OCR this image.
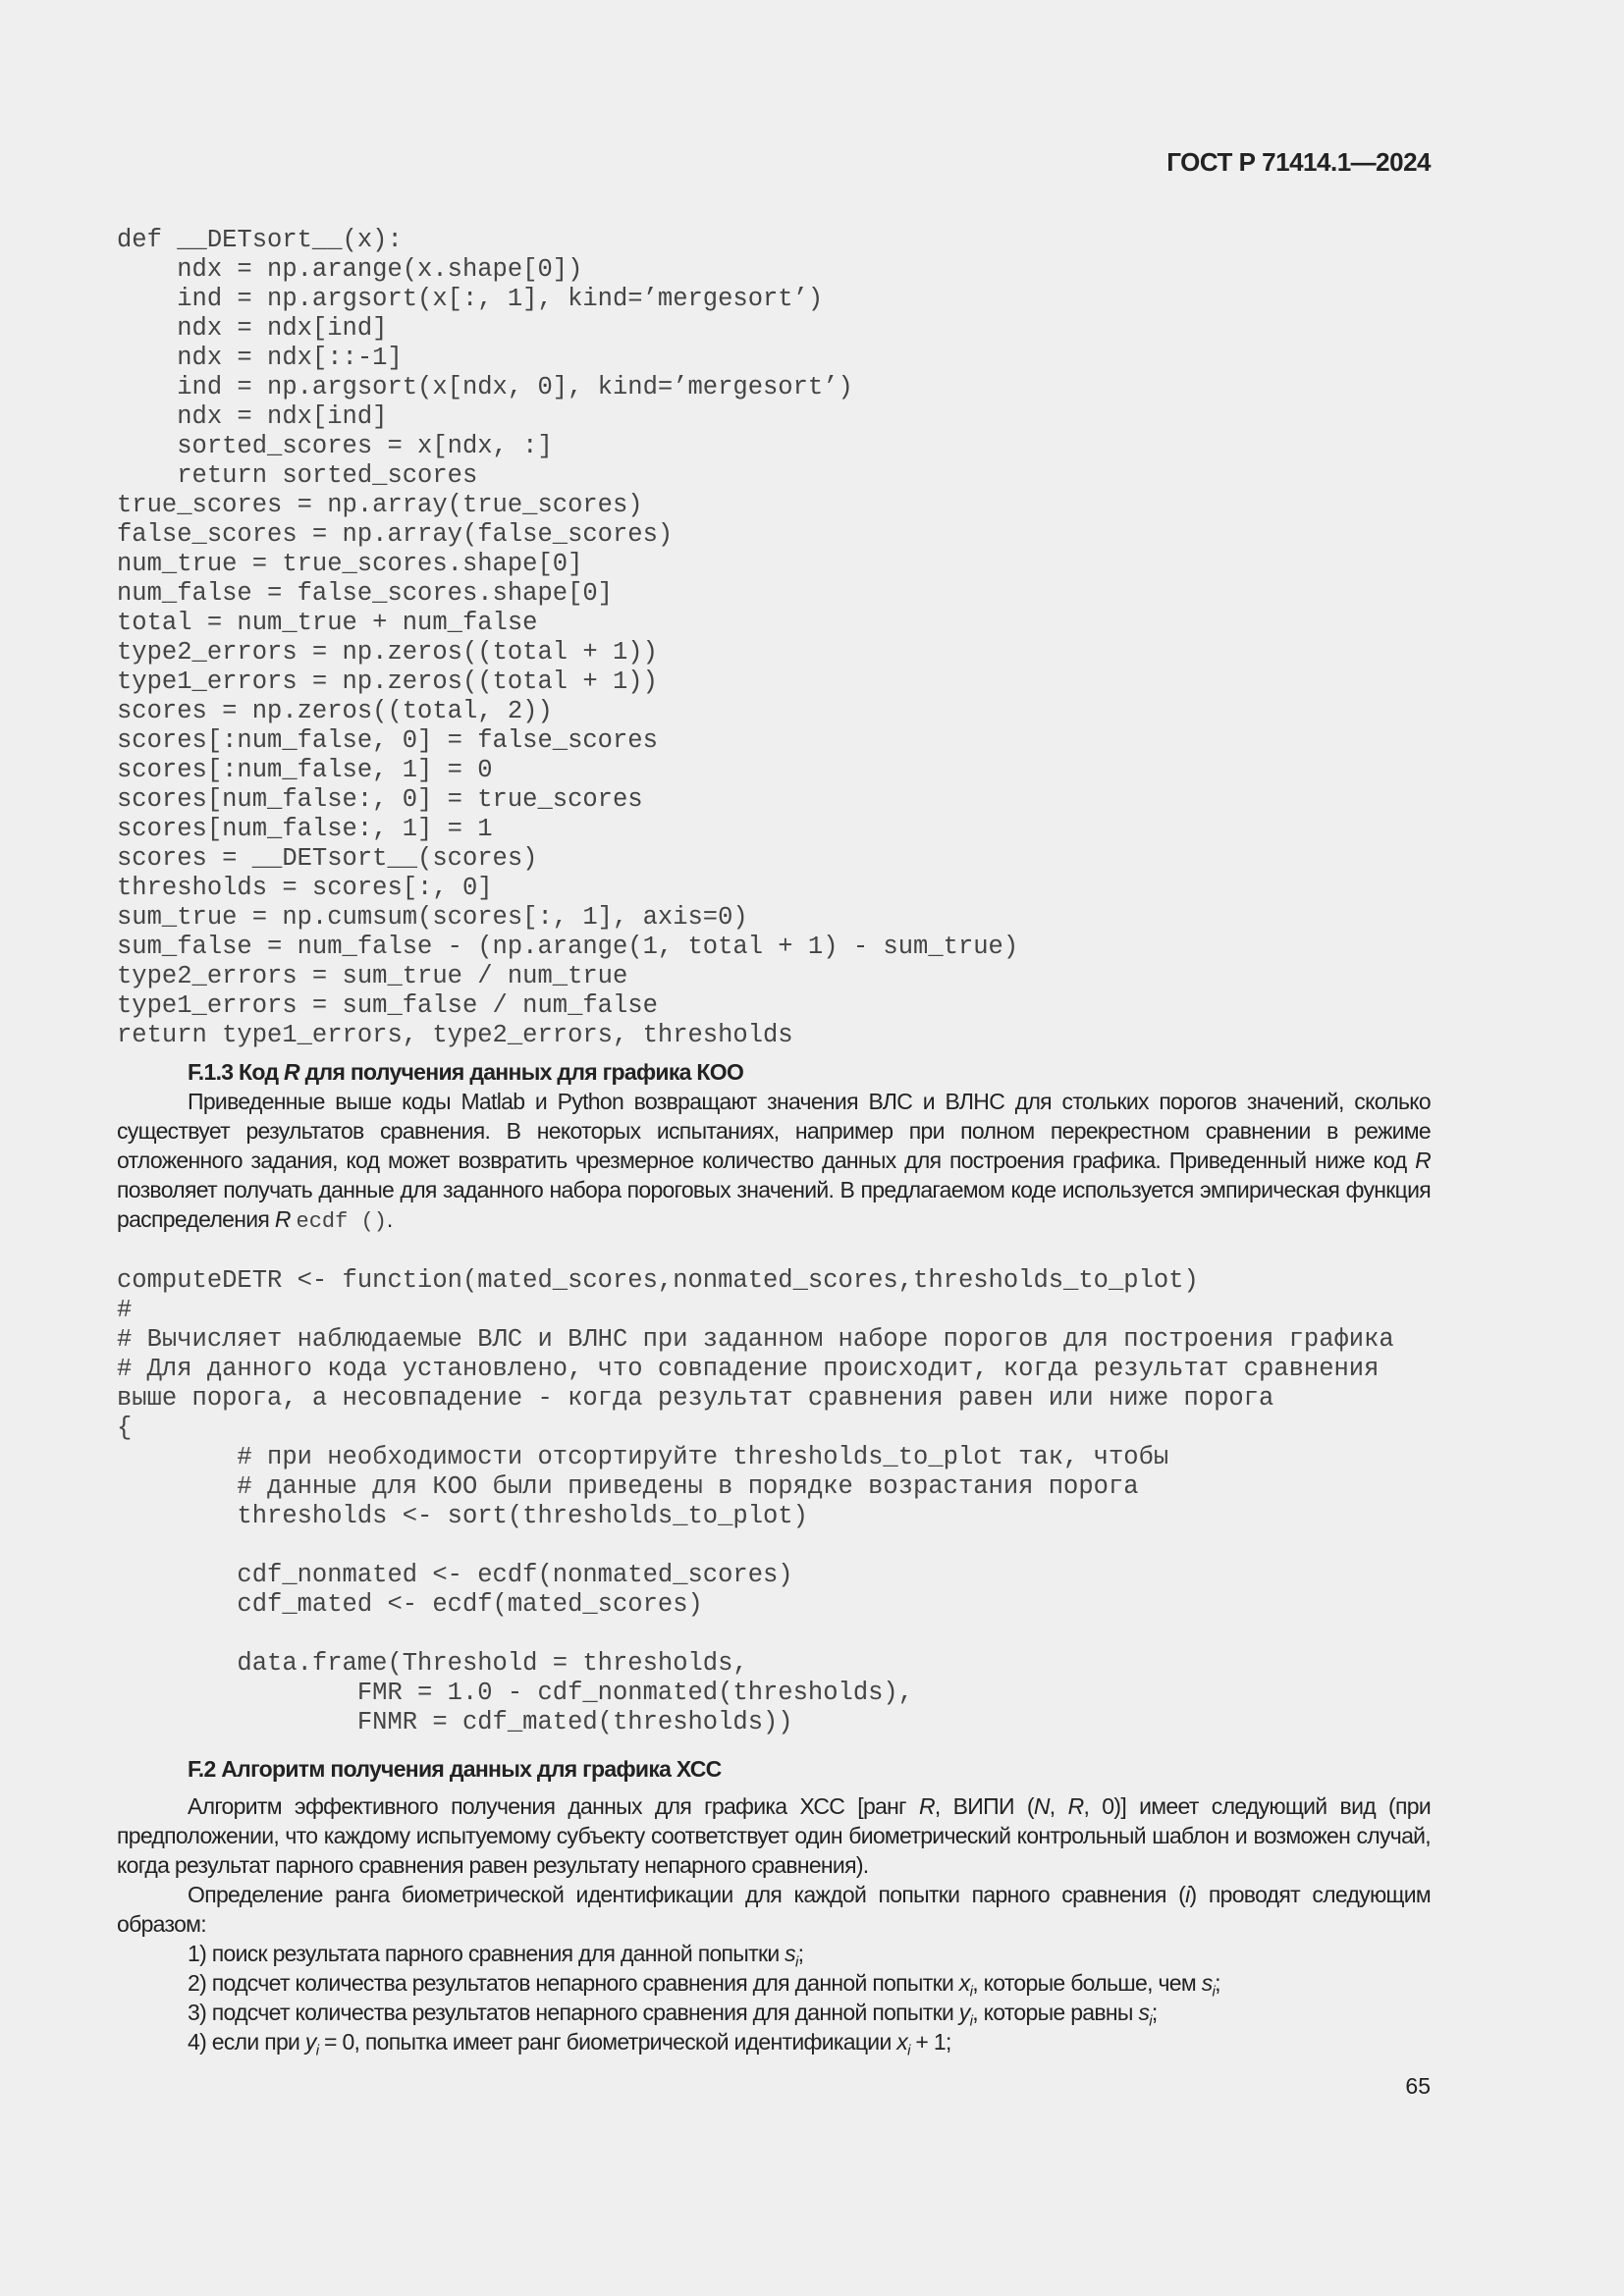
ГОСТ Р 71414.1—2024
def __DETsort__(x):
ndx = np.arange(x.shape[0])
ind = np.argsort(x[:, 1], kind=’mergesort’)
ndx = ndx[ind]
ndx = ndx[::-1]
ind = np.argsort(x[ndx, 0], kind=’mergesort’)
ndx = ndx[ind]
sorted_scores = x[ndx, :]
return sorted_scores
true_scores = np.array(true_scores)
false_scores = np.array(false_scores)
num_true = true_scores.shape[0]
num_false = false_scores.shape[0]
total = num_true + num_false
type2_errors = np.zeros((total + 1))
type1_errors = np.zeros((total + 1))
scores = np.zeros((total, 2))
scores[:num_false, 0] = false_scores
scores[:num_false, 1] = 0
scores[num_false:, 0] = true_scores
scores[num_false:, 1] = 1
scores = __DETsort__(scores)
thresholds = scores[:, 0]
sum_true = np.cumsum(scores[:, 1], axis=0)
sum_false = num_false - (np.arange(1, total + 1) - sum_true)
type2_errors = sum_true / num_true
type1_errors = sum_false / num_false
return type1_errors, type2_errors, thresholds
F.1.3 Код R для получения данных для графика КОО

Приведенные выше коды Matlab и Python возвращают значения ВЛС и ВЛНС для стольких порогов значений, сколько существует результатов сравнения. В некоторых испытаниях, например при полном перекрестном сравнении в режиме отложенного задания, код может возвратить чрезмерное количество данных для построения графика. Приведенный ниже код R позволяет получать данные для заданного набора пороговых значений. В предлагаемом коде используется эмпирическая функция распределения R ecdf ().

computeDETR <- function(mated_scores,nonmated_scores,thresholds_to_plot)
#
# Вычисляет наблюдаемые ВЛС и ВЛНС при заданном наборе порогов для построения графика
# Для данного кода установлено, что совпадение происходит, когда результат сравнения
выше порога, а несовпадение - когда результат сравнения равен или ниже порога
{
# при необходимости отсортируйте thresholds_to_plot так, чтобы
# данные для КОО были приведены в порядке возрастания порога
thresholds <- sort(thresholds_to_plot)
cdf_nonmated <- ecdf(nonmated_scores)
cdf_mated <- ecdf(mated_scores)
data.frame(Threshold = thresholds,
FMR = 1.0 - cdf_nonmated(thresholds),
FNMR = cdf_mated(thresholds))
F.2 Алгоритм получения данных для графика ХСС

Алгоритм эффективного получения данных для графика ХСС [ранг R, ВИПИ (N, R, 0)] имеет следующий вид (при предположении, что каждому испытуемому субъекту соответствует один биометрический контрольный шаблон и возможен случай, когда результат парного сравнения равен результату непарного сравнения).

Определение ранга биометрической идентификации для каждой попытки парного сравнения (i) проводят следующим образом:

1) поиск результата парного сравнения для данной попытки $s_i$;
2) подсчет количества результатов непарного сравнения для данной попытки $x_i$, которые больше, чем $s_i$;
3) подсчет количества результатов непарного сравнения для данной попытки $y_i$, которые равны $s_i$;
4) если при $y_i = 0$, попытка имеет ранг биометрической идентификации $x_i + 1$;
65
